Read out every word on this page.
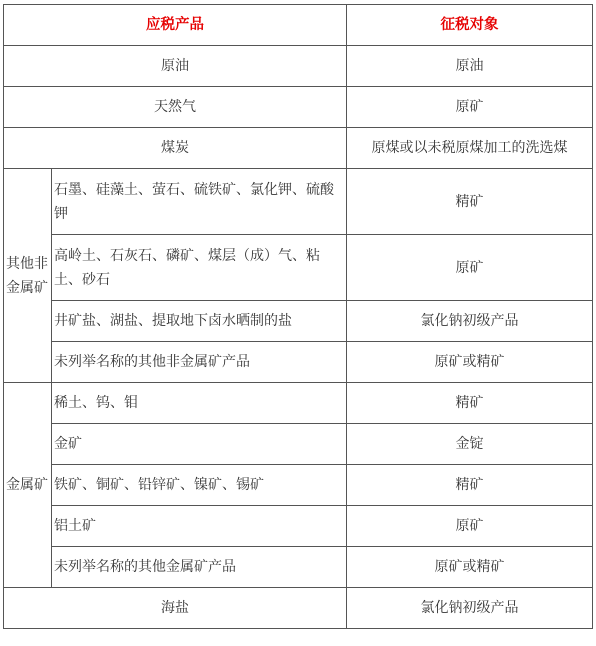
应税产品		征税对象
原油		原油
天然气		原矿
煤炭		原煤或以未税原煤加工的洗选煤
其他非金属矿	石墨、硅藻土、萤石、硫铁矿、氯化钾、硫酸钾	精矿
	高岭土、石灰石、磷矿、煤层（成）气、粘土、砂石	原矿
	井矿盐、湖盐、提取地下卤水晒制的盐	氯化钠初级产品
	未列举名称的其他非金属矿产品	原矿或精矿
金属矿	稀土、钨、钼	精矿
	金矿	金锭
	铁矿、铜矿、铅锌矿、镍矿、锡矿	精矿
	铝土矿	原矿
	未列举名称的其他金属矿产品	原矿或精矿
海盐		氯化钠初级产品
